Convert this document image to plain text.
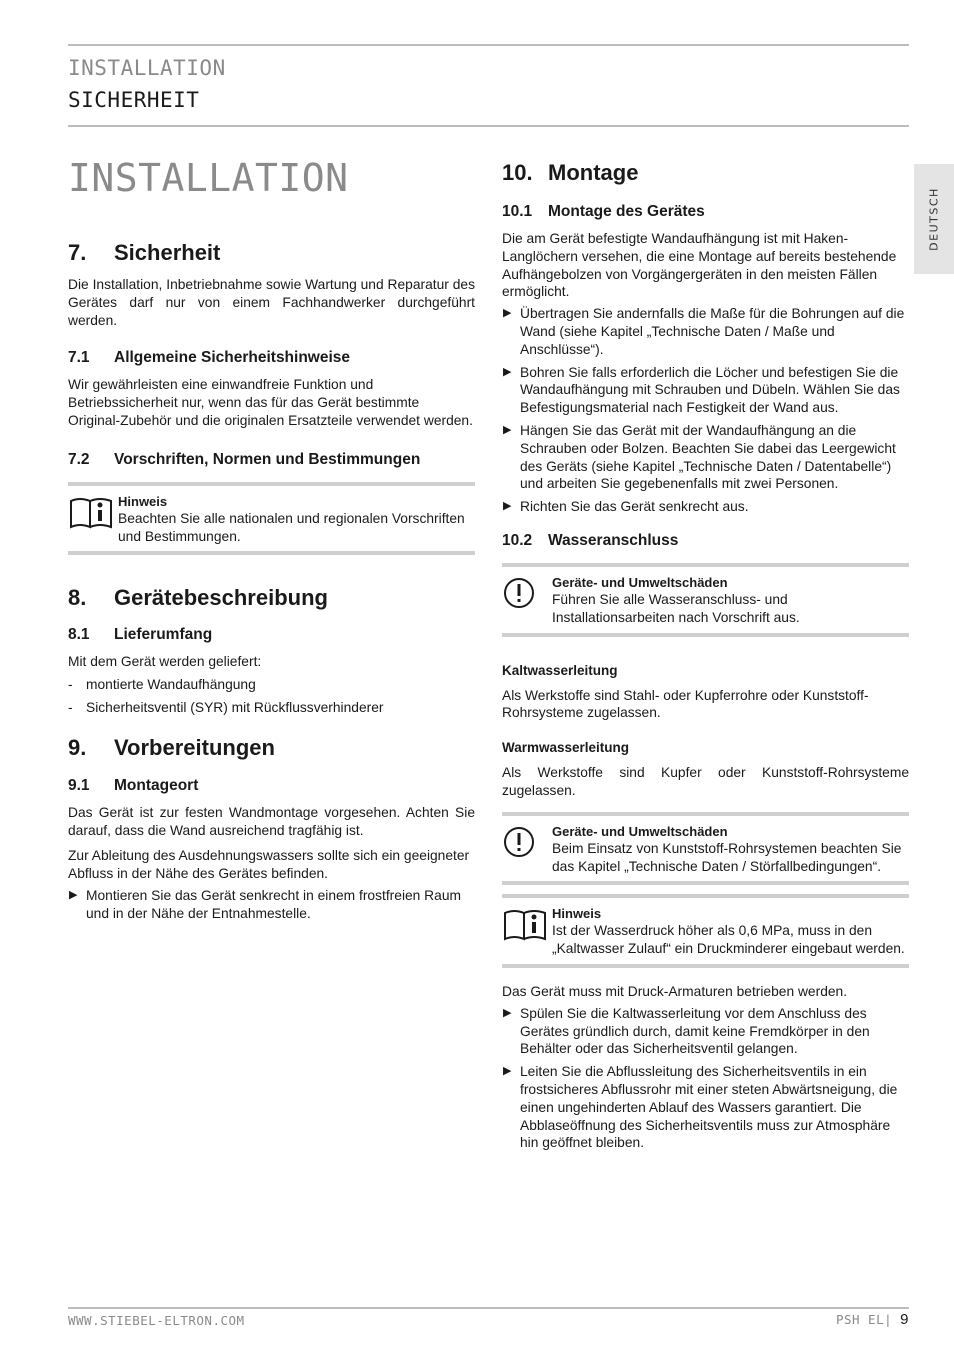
INSTALLATION
SICHERHEIT
DEUTSCH
INSTALLATION
7.	Sicherheit

Die Installation, Inbetriebnahme sowie Wartung und Reparatur des Gerätes darf nur von einem Fachhandwerker durchgeführt werden.

7.1	Allgemeine Sicherheitshinweise

Wir gewährleisten eine einwandfreie Funktion und Betriebssicherheit nur, wenn das für das Gerät bestimmte Original-Zubehör und die originalen Ersatzteile verwendet werden.

7.2	Vorschriften, Normen und Bestimmungen
Hinweis
Beachten Sie alle nationalen und regionalen Vorschriften und Bestimmungen.
8.	Gerätebeschreibung
8.1	Lieferumfang

Mit dem Gerät werden geliefert:

- montierte Wandaufhängung
- Sicherheitsventil (SYR) mit Rückflussverhinderer
9.	Vorbereitungen
9.1	Montageort

Das Gerät ist zur festen Wandmontage vorgesehen. Achten Sie darauf, dass die Wand ausreichend tragfähig ist.

Zur Ableitung des Ausdehnungswassers sollte sich ein geeigneter Abfluss in der Nähe des Gerätes befinden.

▶ Montieren Sie das Gerät senkrecht in einem frostfreien Raum und in der Nähe der Entnahmestelle.
10. Montage
10.1	Montage des Gerätes

Die am Gerät befestigte Wandaufhängung ist mit Haken-Langlöchern versehen, die eine Montage auf bereits bestehende Aufhängebolzen von Vorgängergeräten in den meisten Fällen ermöglicht.

▶ Übertragen Sie andernfalls die Maße für die Bohrungen auf die Wand (siehe Kapitel „Technische Daten / Maße und Anschlüsse“).
▶ Bohren Sie falls erforderlich die Löcher und befestigen Sie die Wandaufhängung mit Schrauben und Dübeln. Wählen Sie das Befestigungsmaterial nach Festigkeit der Wand aus.
▶ Hängen Sie das Gerät mit der Wandaufhängung an die Schrauben oder Bolzen. Beachten Sie dabei das Leergewicht des Geräts (siehe Kapitel „Technische Daten / Datentabelle“) und arbeiten Sie gegebenenfalls mit zwei Personen.
▶ Richten Sie das Gerät senkrecht aus.
10.2	Wasseranschluss
Geräte- und Umweltschäden
Führen Sie alle Wasseranschluss- und Installationsarbeiten nach Vorschrift aus.
Kaltwasserleitung

Als Werkstoffe sind Stahl- oder Kupferrohre oder Kunststoff-Rohrsysteme zugelassen.

Warmwasserleitung

Als Werkstoffe sind Kupfer oder Kunststoff-Rohrsysteme zugelassen.

Geräte- und Umweltschäden
Beim Einsatz von Kunststoff-Rohrsystemen beachten Sie das Kapitel „Technische Daten / Störfallbedingungen“.
Hinweis
Ist der Wasserdruck höher als 0,6 MPa, muss in den „Kaltwasser Zulauf“ ein Druckminderer eingebaut werden.

Das Gerät muss mit Druck-Armaturen betrieben werden.

▶ Spülen Sie die Kaltwasserleitung vor dem Anschluss des Gerätes gründlich durch, damit keine Fremdkörper in den Behälter oder das Sicherheitsventil gelangen.
▶ Leiten Sie die Abflussleitung des Sicherheitsventils in ein frostsicheres Abflussrohr mit einer steten Abwärtsneigung, die einen ungehinderten Ablauf des Wassers garantiert. Die Abblaseöffnung des Sicherheitsventils muss zur Atmosphäre hin geöffnet bleiben.
WWW.STIEBEL-ELTRON.COM	PSH EL| 9
